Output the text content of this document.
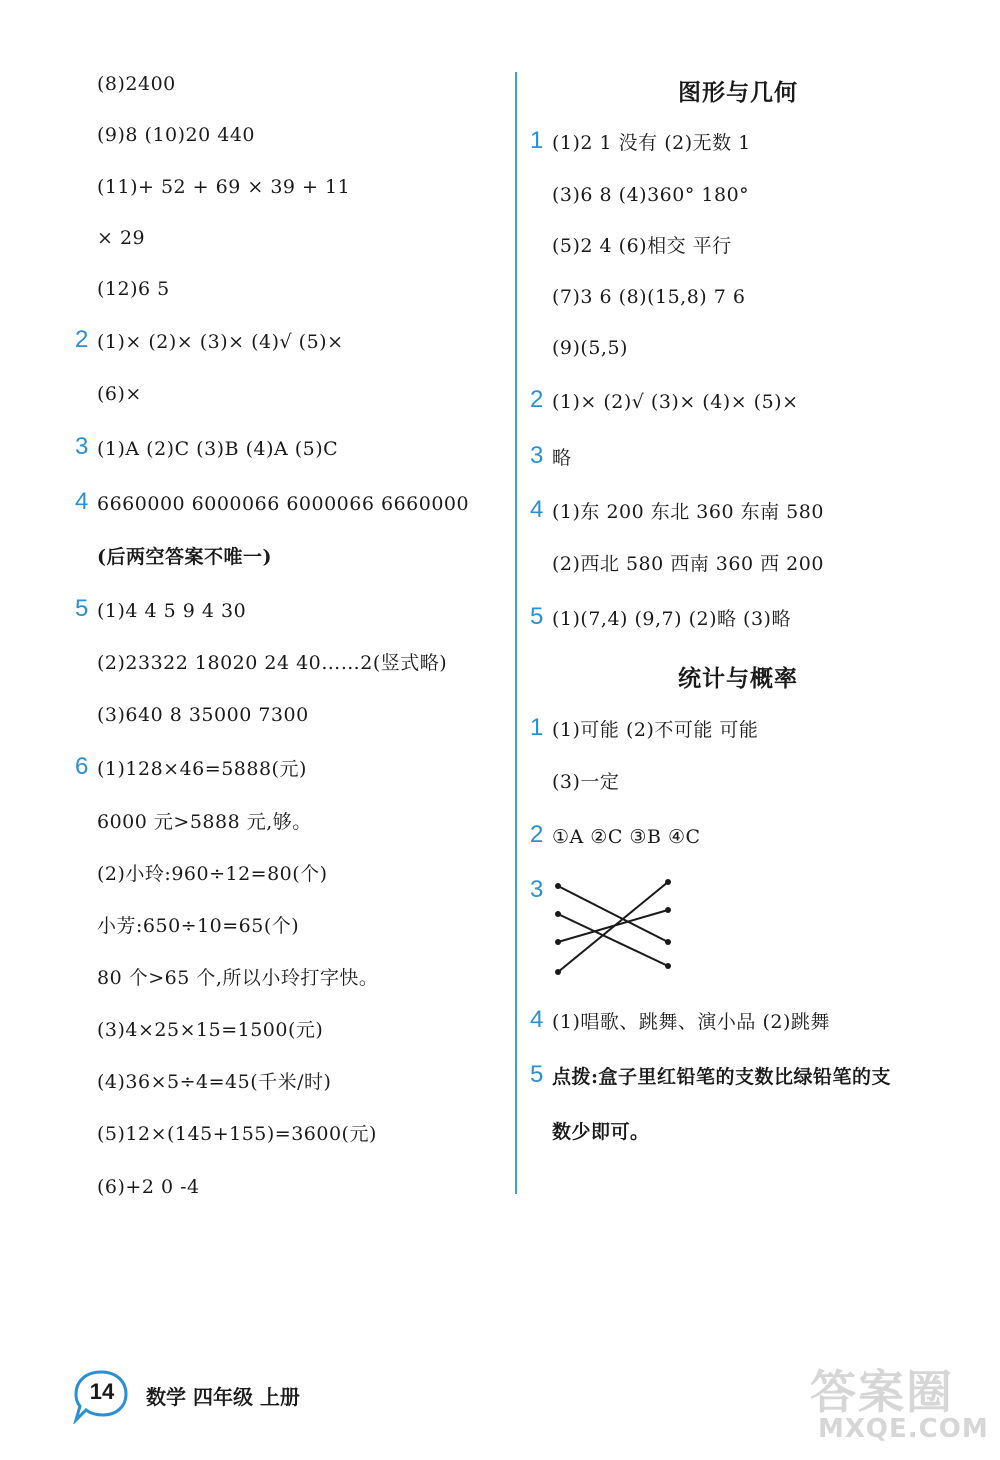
(8)2400
(9)8 (10)20 440
(11)+ 52 + 69 × 39 + 11
× 29
(12)6 5
(1)× (2)× (3)× (4)√ (5)×
(6)×
(1)A (2)C (3)B (4)A (5)C
6660000 6000066 6000066 6660000
(后两空答案不唯一)
(1)4 4 5 9 4 30
(2)23322 18020 24 40……2(竖式略)
(3)640 8 35000 7300
(1)128×46=5888(元)
6000 元>5888 元,够。
(2)小玲:960÷12=80(个)
小芳:650÷10=65(个)
80 个>65 个,所以小玲打字快。
(3)4×25×15=1500(元)
(4)36×5÷4=45(千米/时)
(5)12×(145+155)=3600(元)
(6)+2 0 -4
2
3
4
5
6
图形与几何
统计与概率
(1)2 1 没有 (2)无数 1
(3)6 8 (4)360° 180°
(5)2 4 (6)相交 平行
(7)3 6 (8)(15,8) 7 6
(9)(5,5)
(1)× (2)√ (3)× (4)× (5)×
略
(1)东 200 东北 360 东南 580
(2)西北 580 西南 360 西 200
(1)(7,4) (9,7) (2)略 (3)略
(1)可能 (2)不可能 可能
(3)一定
①A ②C ③B ④C
(1)唱歌、跳舞、演小品 (2)跳舞
点拨:盒子里红铅笔的支数比绿铅笔的支
数少即可。
1
2
3
4
5
1
2
3
4
5
14 数学 四年级 上册	答案圈
MXQE.COM
